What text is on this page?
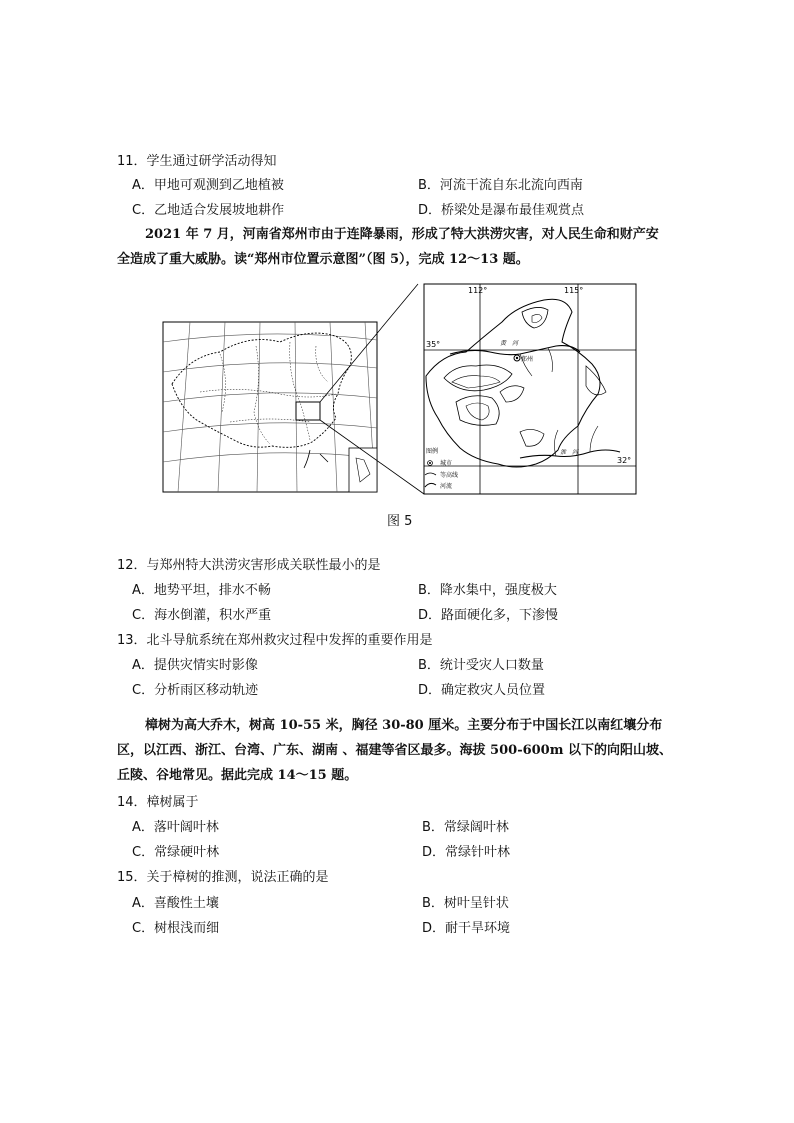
11．学生通过研学活动得知
A．甲地可观测到乙地植被	B．河流干流自东北流向西南
C．乙地适合发展坡地耕作	D．桥梁处是瀑布最佳观赏点
2021 年 7 月，河南省郑州市由于连降暴雨，形成了特大洪涝灾害，对人民生命和财产安
全造成了重大威胁。读“郑州市位置示意图”（图 5），完成 12～13 题。
112°	115°
35°
32°
郑州
黄　河
淮　河
图例
城市
等高线
河流
图 5
12．与郑州特大洪涝灾害形成关联性最小的是
A．地势平坦，排水不畅	B．降水集中，强度极大
C．海水倒灌，积水严重	D．路面硬化多，下渗慢
13．北斗导航系统在郑州救灾过程中发挥的重要作用是
A．提供灾情实时影像	B．统计受灾人口数量
C．分析雨区移动轨迹	D．确定救灾人员位置
樟树为高大乔木，树高 10-55 米，胸径 30-80 厘米。主要分布于中国长江以南红壤分布
区，以江西、浙江、台湾、广东、湖南 、福建等省区最多。海拔 500-600m 以下的向阳山坡、
丘陵、谷地常见。据此完成 14～15 题。
14．樟树属于
A．落叶阔叶林	B．常绿阔叶林
C．常绿硬叶林	D．常绿针叶林
15．关于樟树的推测，说法正确的是
A．喜酸性土壤	B．树叶呈针状
C．树根浅而细	D．耐干旱环境
